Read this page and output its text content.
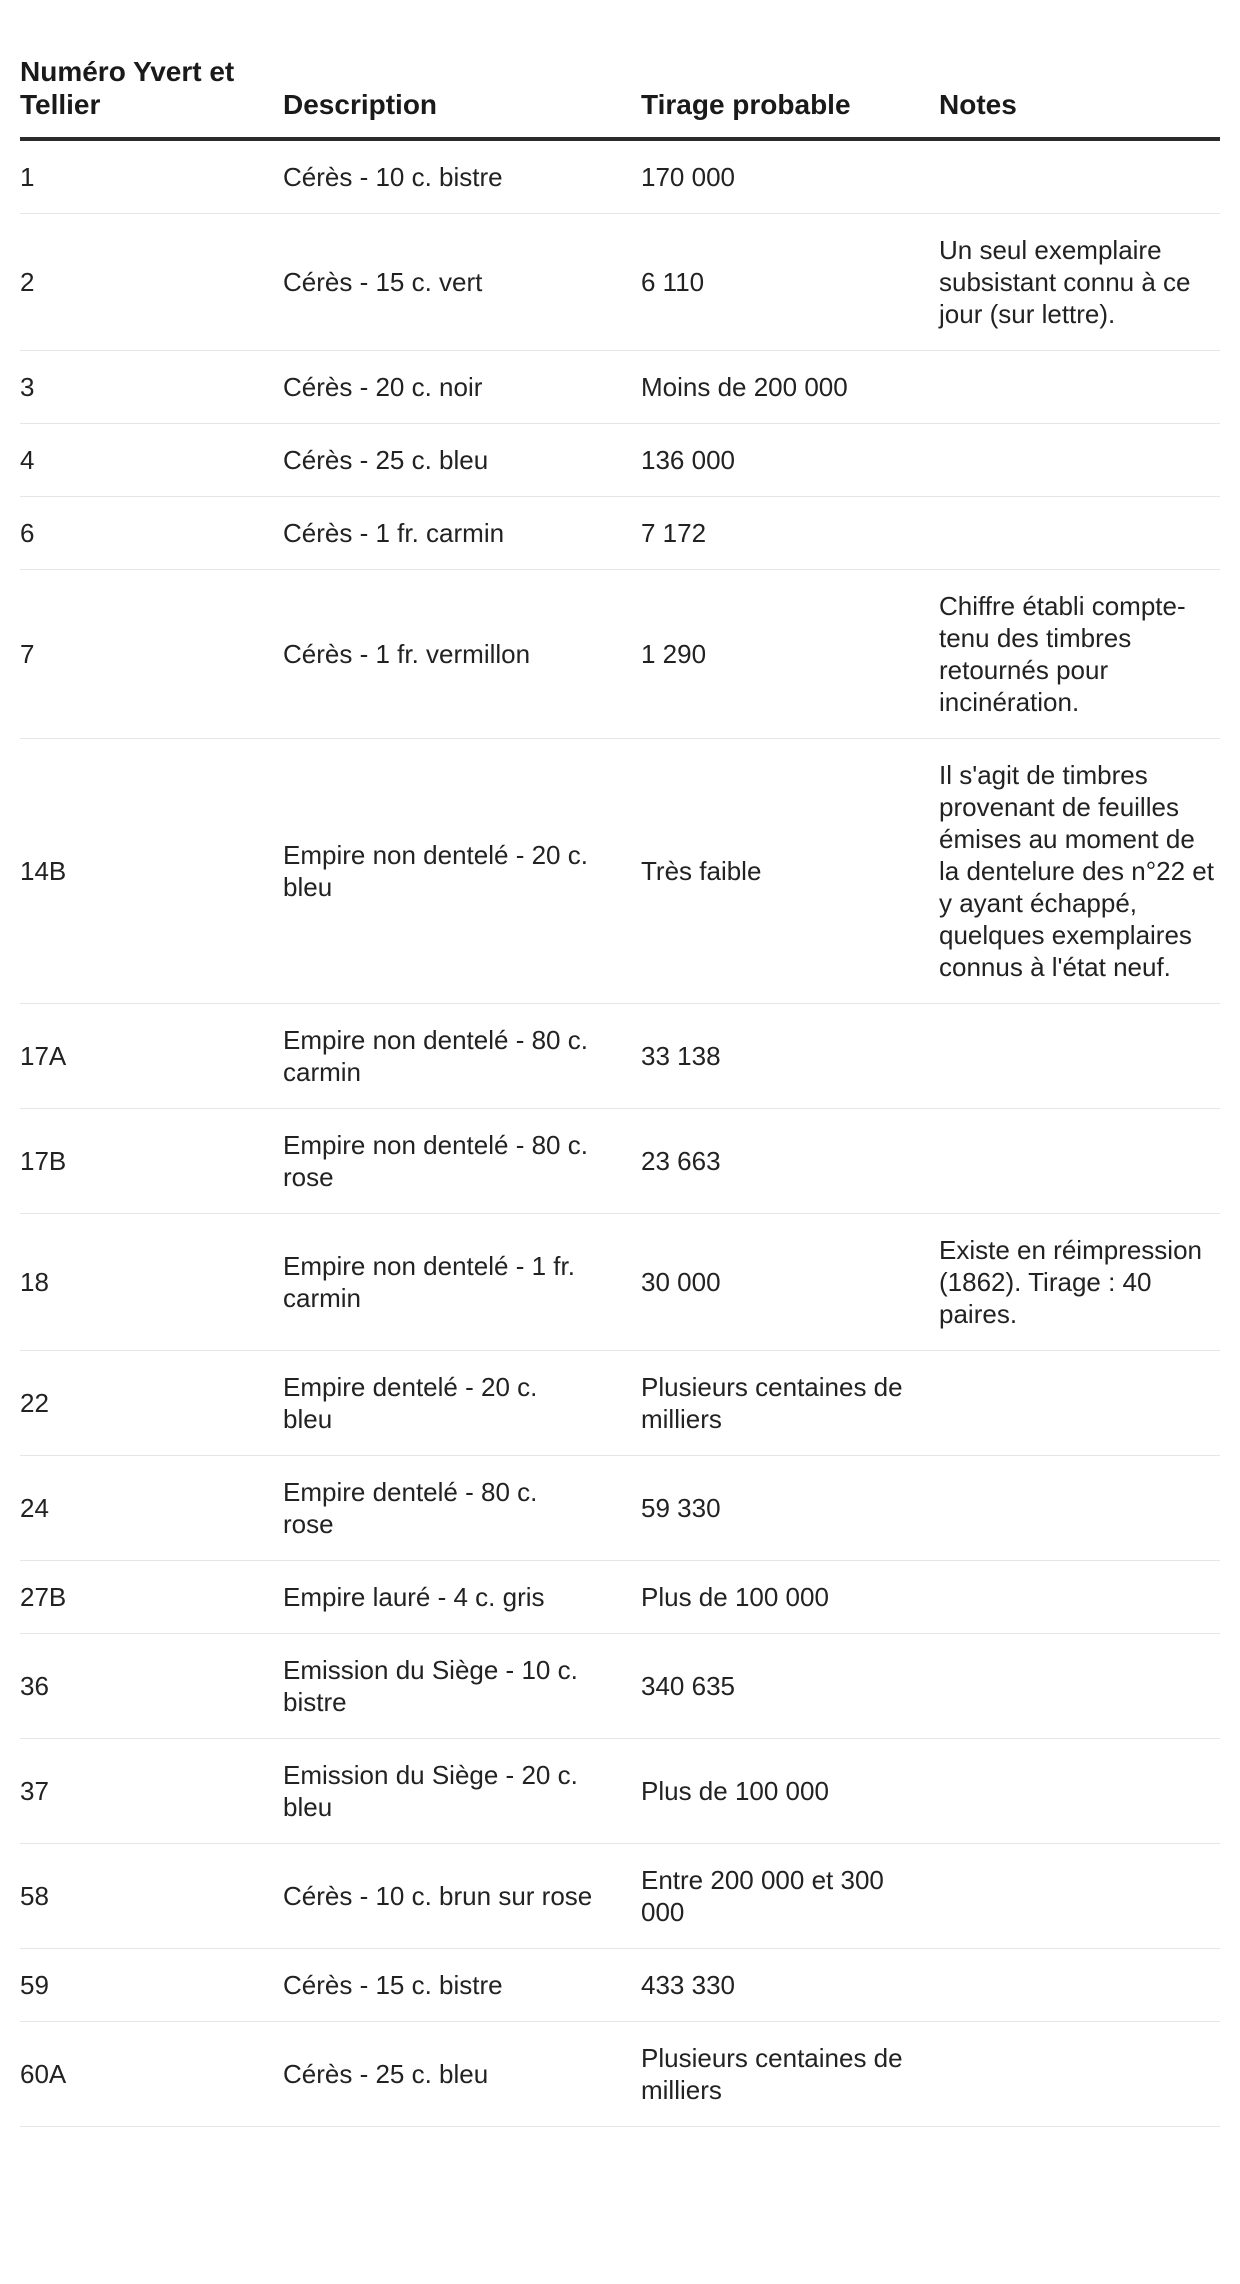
Numéro Yvert et Tellier	Description	Tirage probable	Notes
1	Cérès - 10 c. bistre	170 000	
2	Cérès - 15 c. vert	6 110	Un seul exemplaire subsistant connu à ce jour (sur lettre).
3	Cérès - 20 c. noir	Moins de 200 000	
4	Cérès - 25 c. bleu	136 000	
6	Cérès - 1 fr. carmin	7 172	
7	Cérès - 1 fr. vermillon	1 290	Chiffre établi compte-tenu des timbres retournés pour incinération.
14B	Empire non dentelé - 20 c. bleu	Très faible	Il s'agit de timbres provenant de feuilles émises au moment de la dentelure des n°22 et y ayant échappé, quelques exemplaires connus à l'état neuf.
17A	Empire non dentelé - 80 c. carmin	33 138	
17B	Empire non dentelé - 80 c. rose	23 663	
18	Empire non dentelé - 1 fr. carmin	30 000	Existe en réimpression (1862). Tirage : 40 paires.
22	Empire dentelé - 20 c. bleu	Plusieurs centaines de milliers	
24	Empire dentelé - 80 c. rose	59 330	
27B	Empire lauré - 4 c. gris	Plus de 100 000	
36	Emission du Siège - 10 c. bistre	340 635	
37	Emission du Siège - 20 c. bleu	Plus de 100 000	
58	Cérès - 10 c. brun sur rose	Entre 200 000 et 300 000	
59	Cérès - 15 c. bistre	433 330	
60A	Cérès - 25 c. bleu	Plusieurs centaines de milliers	
